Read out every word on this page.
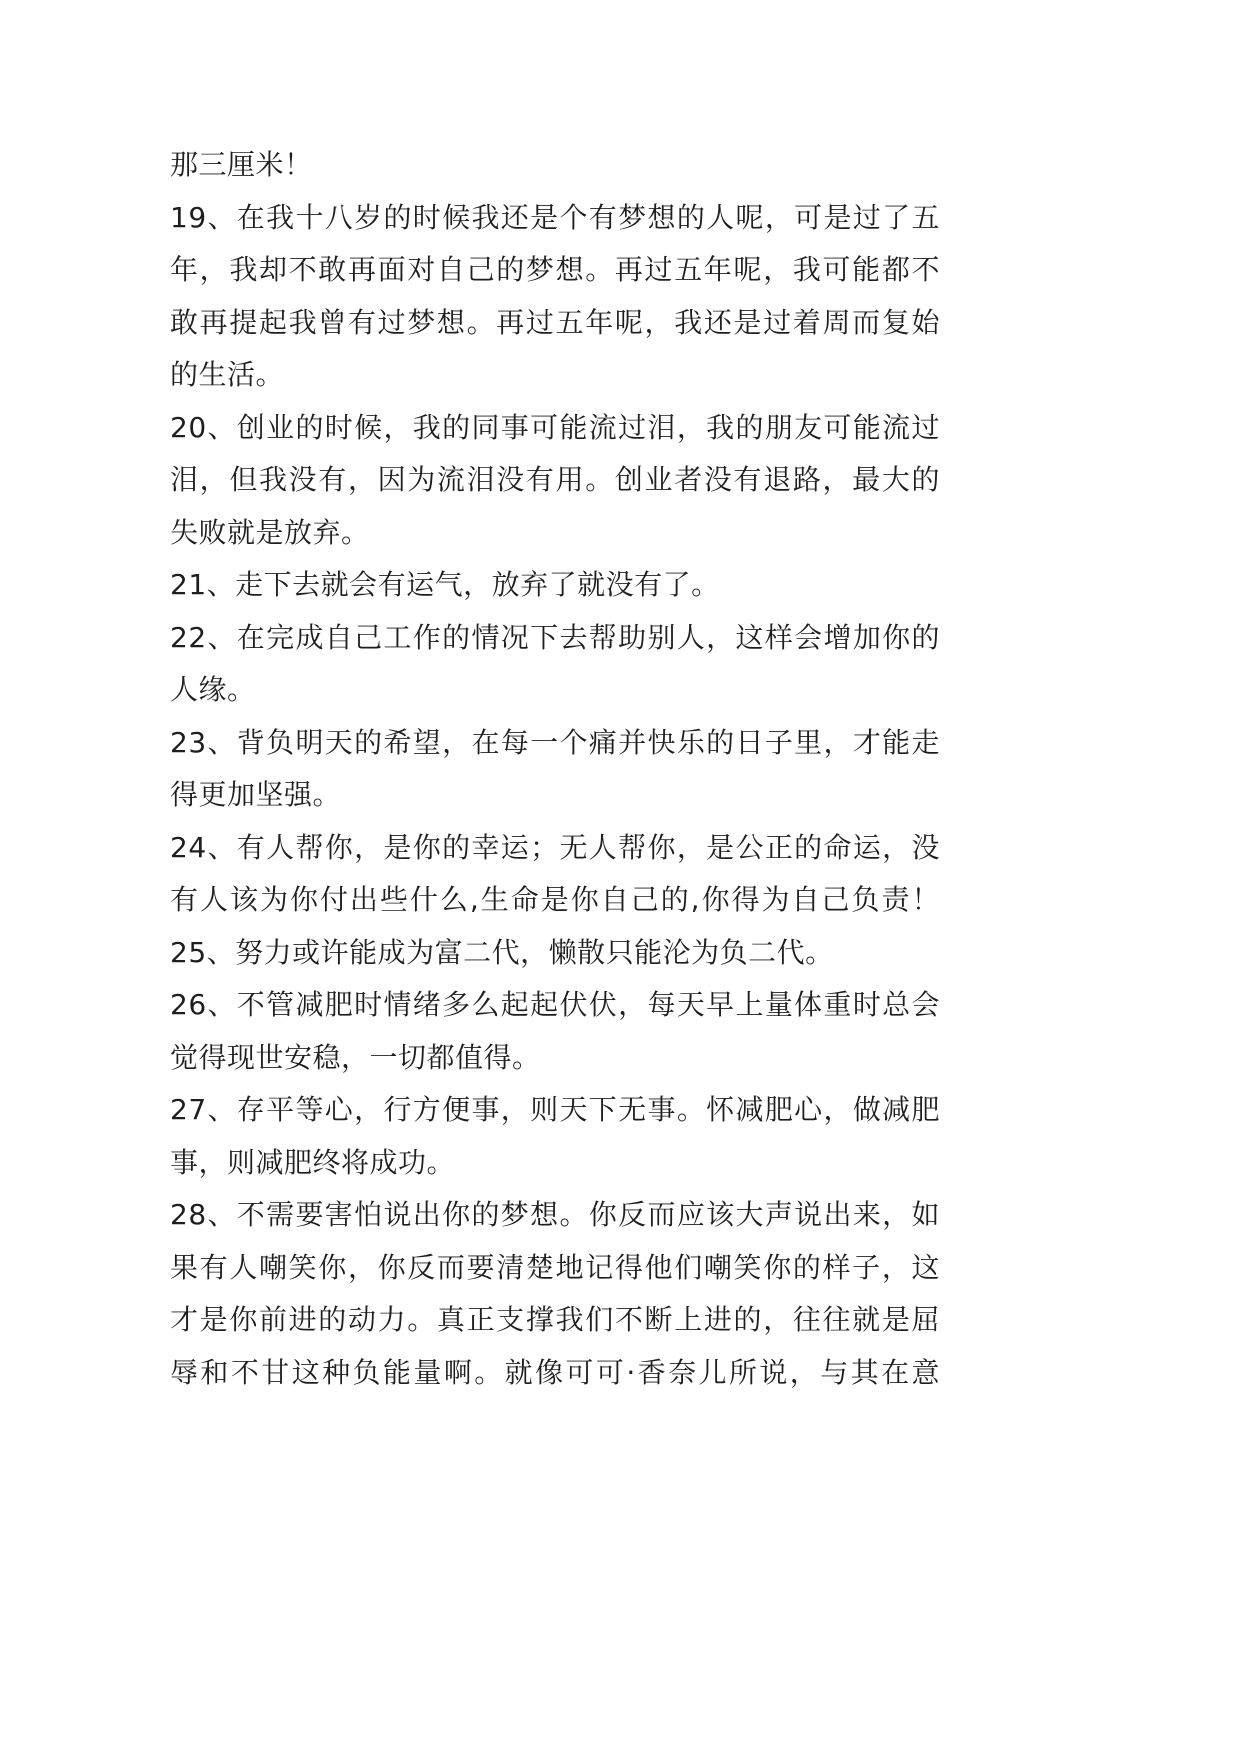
那三厘米！
19、在我十八岁的时候我还是个有梦想的人呢，可是过了五
年，我却不敢再面对自己的梦想。再过五年呢，我可能都不
敢再提起我曾有过梦想。再过五年呢，我还是过着周而复始
的生活。
20、创业的时候，我的同事可能流过泪，我的朋友可能流过
泪，但我没有，因为流泪没有用。创业者没有退路，最大的
失败就是放弃。
21、走下去就会有运气，放弃了就没有了。
22、在完成自己工作的情况下去帮助别人，这样会增加你的
人缘。
23、背负明天的希望，在每一个痛并快乐的日子里，才能走
得更加坚强。
24、有人帮你，是你的幸运；无人帮你，是公正的命运，没
有人该为你付出些什么,生命是你自己的,你得为自己负责！
25、努力或许能成为富二代，懒散只能沦为负二代。
26、不管减肥时情绪多么起起伏伏，每天早上量体重时总会
觉得现世安稳，一切都值得。
27、存平等心，行方便事，则天下无事。怀减肥心，做减肥
事，则减肥终将成功。
28、不需要害怕说出你的梦想。你反而应该大声说出来，如
果有人嘲笑你，你反而要清楚地记得他们嘲笑你的样子，这
才是你前进的动力。真正支撑我们不断上进的，往往就是屈
辱和不甘这种负能量啊。就像可可·香奈儿所说，与其在意
